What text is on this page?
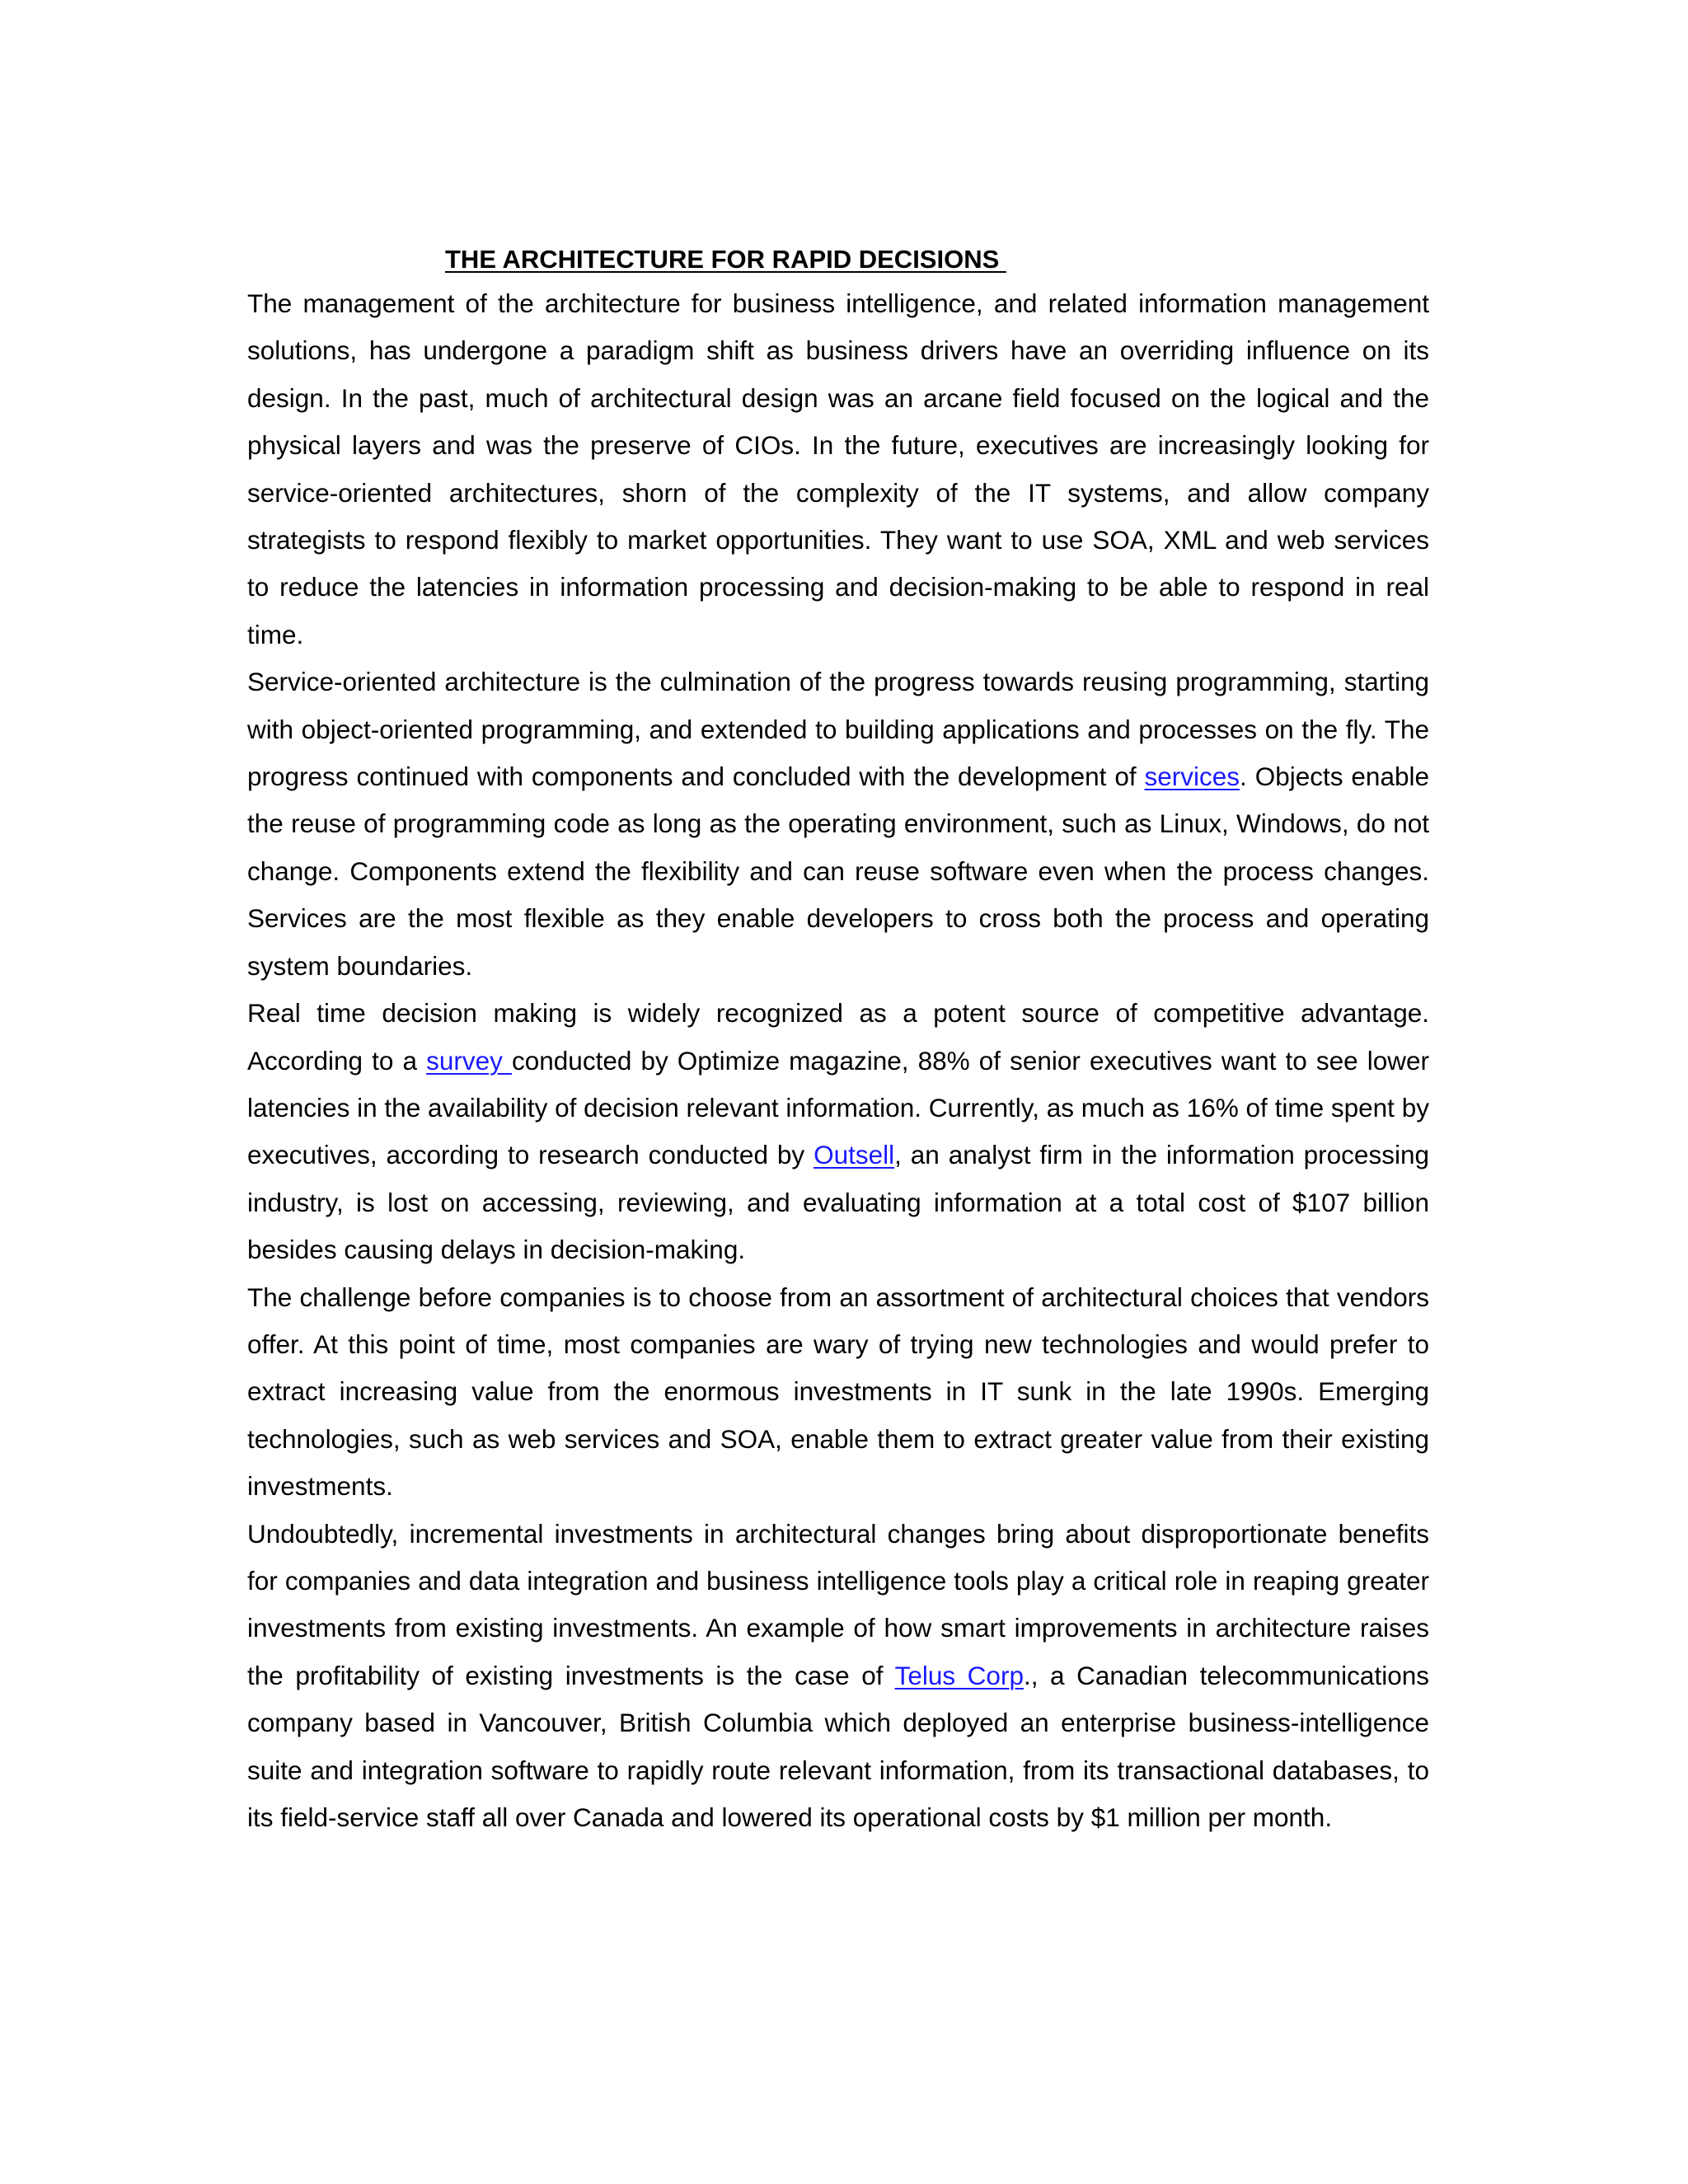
THE ARCHITECTURE FOR RAPID DECISIONS

The management of the architecture for business intelligence, and related information management solutions, has undergone a paradigm shift as business drivers have an overriding influence on its design. In the past, much of architectural design was an arcane field focused on the logical and the physical layers and was the preserve of CIOs. In the future, executives are increasingly looking for service-oriented architectures, shorn of the complexity of the IT systems, and allow company strategists to respond flexibly to market opportunities. They want to use SOA, XML and web services to reduce the latencies in information processing and decision-making to be able to respond in real time.

Service-oriented architecture is the culmination of the progress towards reusing programming, starting with object-oriented programming, and extended to building applications and processes on the fly. The progress continued with components and concluded with the development of services. Objects enable the reuse of programming code as long as the operating environment, such as Linux, Windows, do not change. Components extend the flexibility and can reuse software even when the process changes. Services are the most flexible as they enable developers to cross both the process and operating system boundaries.

Real time decision making is widely recognized as a potent source of competitive advantage. According to a survey conducted by Optimize magazine, 88% of senior executives want to see lower latencies in the availability of decision relevant information. Currently, as much as 16% of time spent by executives, according to research conducted by Outsell, an analyst firm in the information processing industry, is lost on accessing, reviewing, and evaluating information at a total cost of $107 billion besides causing delays in decision-making.

The challenge before companies is to choose from an assortment of architectural choices that vendors offer. At this point of time, most companies are wary of trying new technologies and would prefer to extract increasing value from the enormous investments in IT sunk in the late 1990s. Emerging technologies, such as web services and SOA, enable them to extract greater value from their existing investments.

Undoubtedly, incremental investments in architectural changes bring about disproportionate benefits for companies and data integration and business intelligence tools play a critical role in reaping greater investments from existing investments. An example of how smart improvements in architecture raises the profitability of existing investments is the case of Telus Corp., a Canadian telecommunications company based in Vancouver, British Columbia which deployed an enterprise business-intelligence suite and integration software to rapidly route relevant information, from its transactional databases, to its field-service staff all over Canada and lowered its operational costs by $1 million per month.
